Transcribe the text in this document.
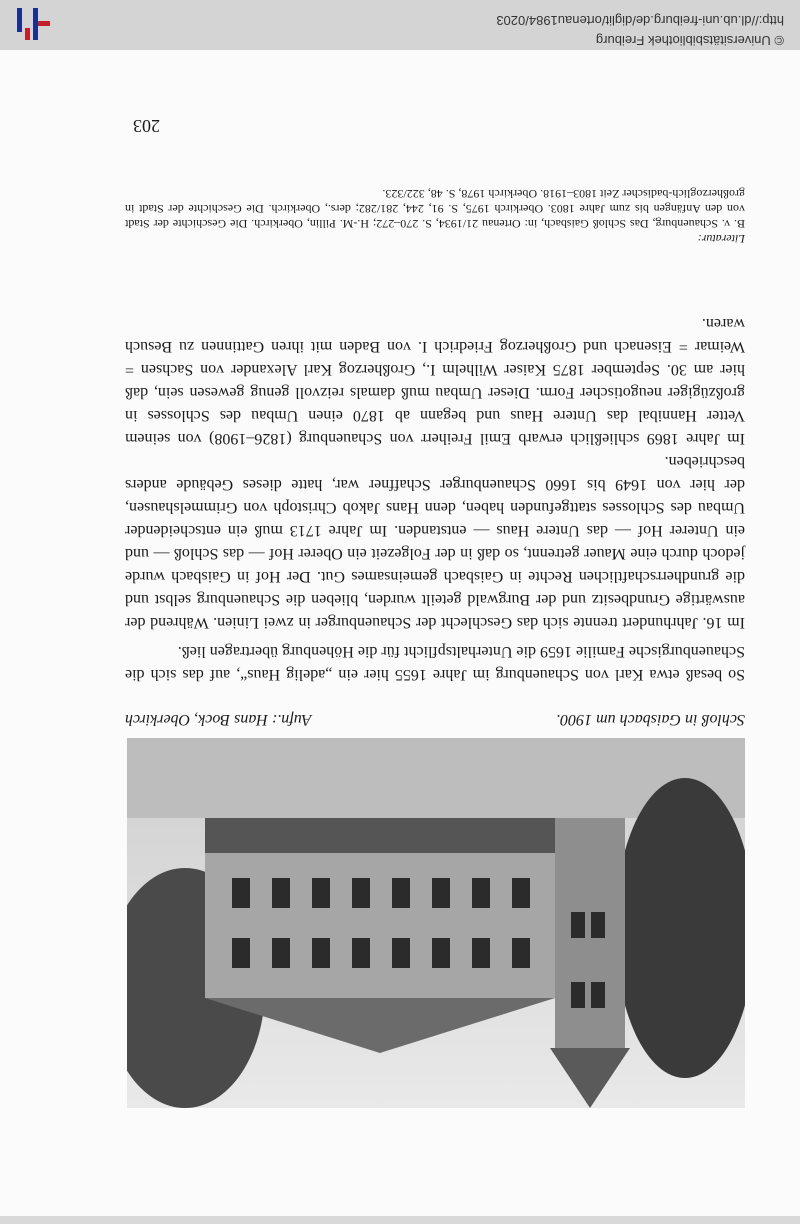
Schloß in Gaisbach um 1900.
Aufn.: Hans Bock, Oberkirch

So besaß etwa Karl von Schauenburg im Jahre 1655 hier ein „adelig Haus“, auf das sich die Schauenburgische Familie 1659 die Unterhaltspflicht für die Höhenburg übertragen ließ.

Im 16. Jahrhundert trennte sich das Geschlecht der Schauenburger in zwei Linien. Während der auswärtige Grundbesitz und der Burgwald geteilt wurden, blieben die Schauenburg selbst und die grundherrschaftlichen Rechte in Gaisbach gemeinsames Gut. Der Hof in Gaisbach wurde jedoch durch eine Mauer getrennt, so daß in der Folgezeit ein Oberer Hof — das Schloß — und ein Unterer Hof — das Untere Haus — entstanden. Im Jahre 1713 muß ein entscheidender Umbau des Schlosses stattgefunden haben, denn Hans Jakob Christoph von Grimmelshausen, der hier von 1649 bis 1660 Schauenburger Schaffner war, hatte dieses Gebäude anders beschrieben.

Im Jahre 1869 schließlich erwarb Emil Freiherr von Schauenburg (1826–1908) von seinem Vetter Hannibal das Untere Haus und begann ab 1870 einen Umbau des Schlosses in großzügiger neugotischer Form. Dieser Umbau muß damals reizvoll genug gewesen sein, daß hier am 30. September 1875 Kaiser Wilhelm I., Großherzog Karl Alexander von Sachsen = Weimar = Eisenach und Großherzog Friedrich I. von Baden mit ihren Gattinnen zu Besuch waren.

Literatur:
B. v. Schauenburg, Das Schloß Gaisbach, in: Ortenau 21/1934, S. 270–272; H.-M. Pillin, Oberkirch. Die Geschichte der Stadt von den Anfängen bis zum Jahre 1803. Oberkirch 1975, S. 91, 244, 281/282; ders., Oberkirch. Die Geschichte der Stadt in großherzoglich-badischer Zeit 1803–1918. Oberkirch 1978, S. 48, 322/323.
203
© Universitätsbibliothek Freiburg
http://dl.ub.uni-freiburg.de/diglit/ortenau1984/0203
